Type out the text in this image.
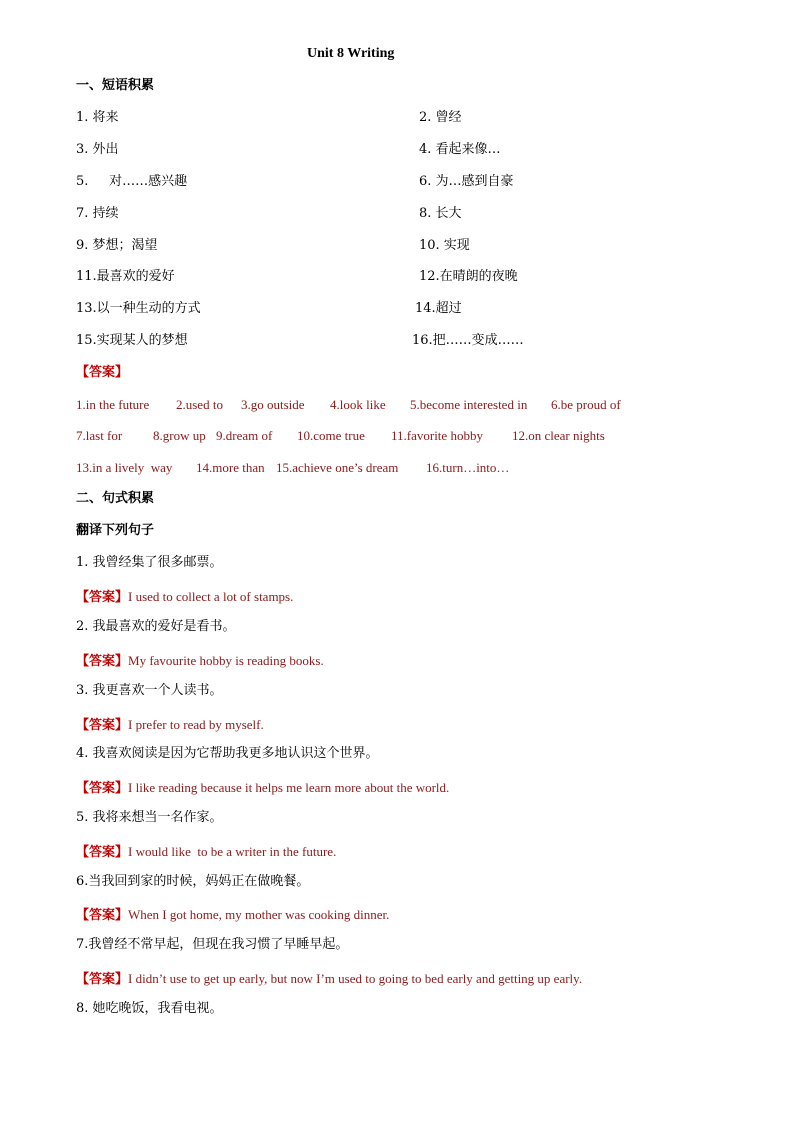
Unit 8 Writing
一、短语积累
1. 将来	2. 曾经
3. 外出	4. 看起来像…
5.     对……感兴趣	6. 为…感到自豪
7. 持续	8. 长大
9. 梦想；渴望	10. 实现
11.最喜欢的爱好	12.在晴朗的夜晚
13.以一种生动的方式	14.超过
15.实现某人的梦想	16.把……变成……
【答案】
1.in the future 2.used to 3.go outside 4.look like 5.become interested in 6.be proud of
7.last for 8.grow up 9.dream of 10.come true 11.favorite hobby 12.on clear nights
13.in a lively  way 14.more than 15.achieve one’s dream 16.turn…into…
二、句式积累
翻译下列句子
1. 我曾经集了很多邮票。
【答案】I used to collect a lot of stamps.
2. 我最喜欢的爱好是看书。
【答案】My favourite hobby is reading books.
3. 我更喜欢一个人读书。
【答案】I prefer to read by myself.
4. 我喜欢阅读是因为它帮助我更多地认识这个世界。
【答案】I like reading because it helps me learn more about the world.
5. 我将来想当一名作家。
【答案】I would like  to be a writer in the future.
6.当我回到家的时候，妈妈正在做晚餐。
【答案】When I got home, my mother was cooking dinner.
7.我曾经不常早起，但现在我习惯了早睡早起。
【答案】I didn’t use to get up early, but now I’m used to going to bed early and getting up early.
8. 她吃晚饭，我看电视。
